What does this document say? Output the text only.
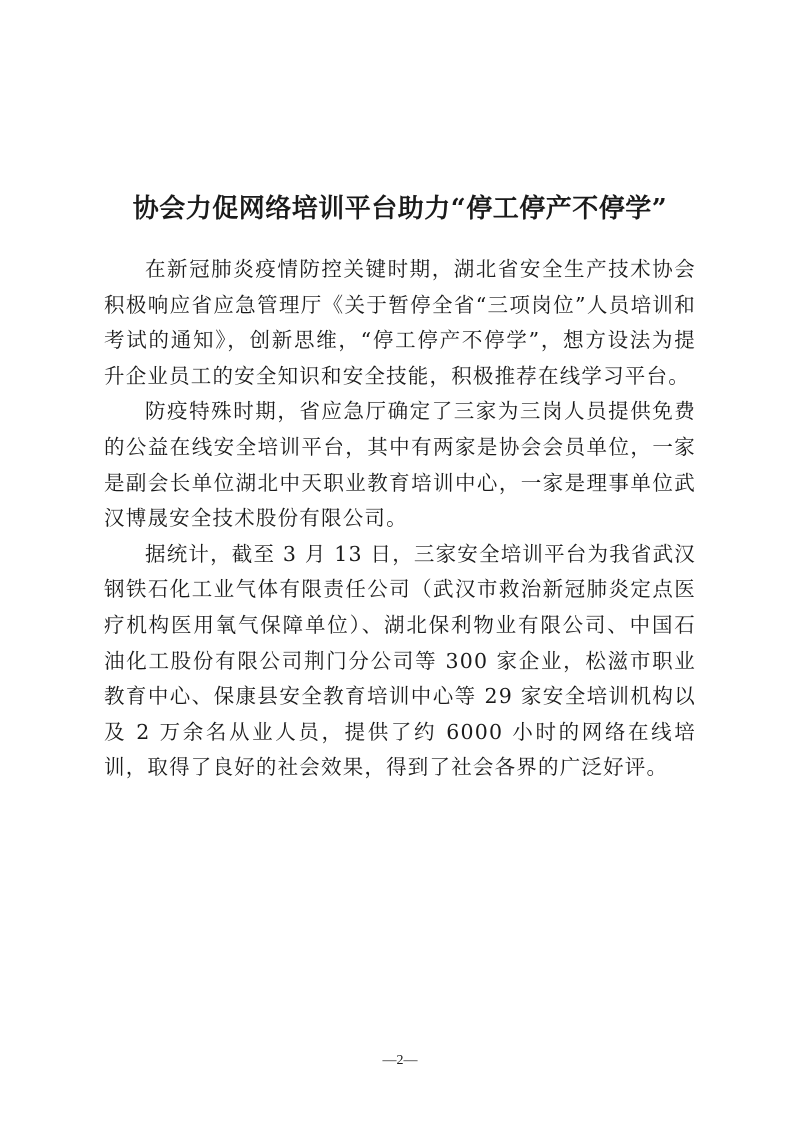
协会力促网络培训平台助力“停工停产不停学”

在新冠肺炎疫情防控关键时期，湖北省安全生产技术协会积极响应省应急管理厅《关于暂停全省“三项岗位”人员培训和考试的通知》，创新思维，“停工停产不停学”，想方设法为提升企业员工的安全知识和安全技能，积极推荐在线学习平台。

防疫特殊时期，省应急厅确定了三家为三岗人员提供免费的公益在线安全培训平台，其中有两家是协会会员单位，一家是副会长单位湖北中天职业教育培训中心，一家是理事单位武汉博晟安全技术股份有限公司。

据统计，截至 3 月 13 日，三家安全培训平台为我省武汉钢铁石化工业气体有限责任公司（武汉市救治新冠肺炎定点医疗机构医用氧气保障单位）、湖北保利物业有限公司、中国石油化工股份有限公司荆门分公司等 300 家企业，松滋市职业教育中心、保康县安全教育培训中心等 29 家安全培训机构以及 2 万余名从业人员，提供了约 6000 小时的网络在线培训，取得了良好的社会效果，得到了社会各界的广泛好评。

—2—
